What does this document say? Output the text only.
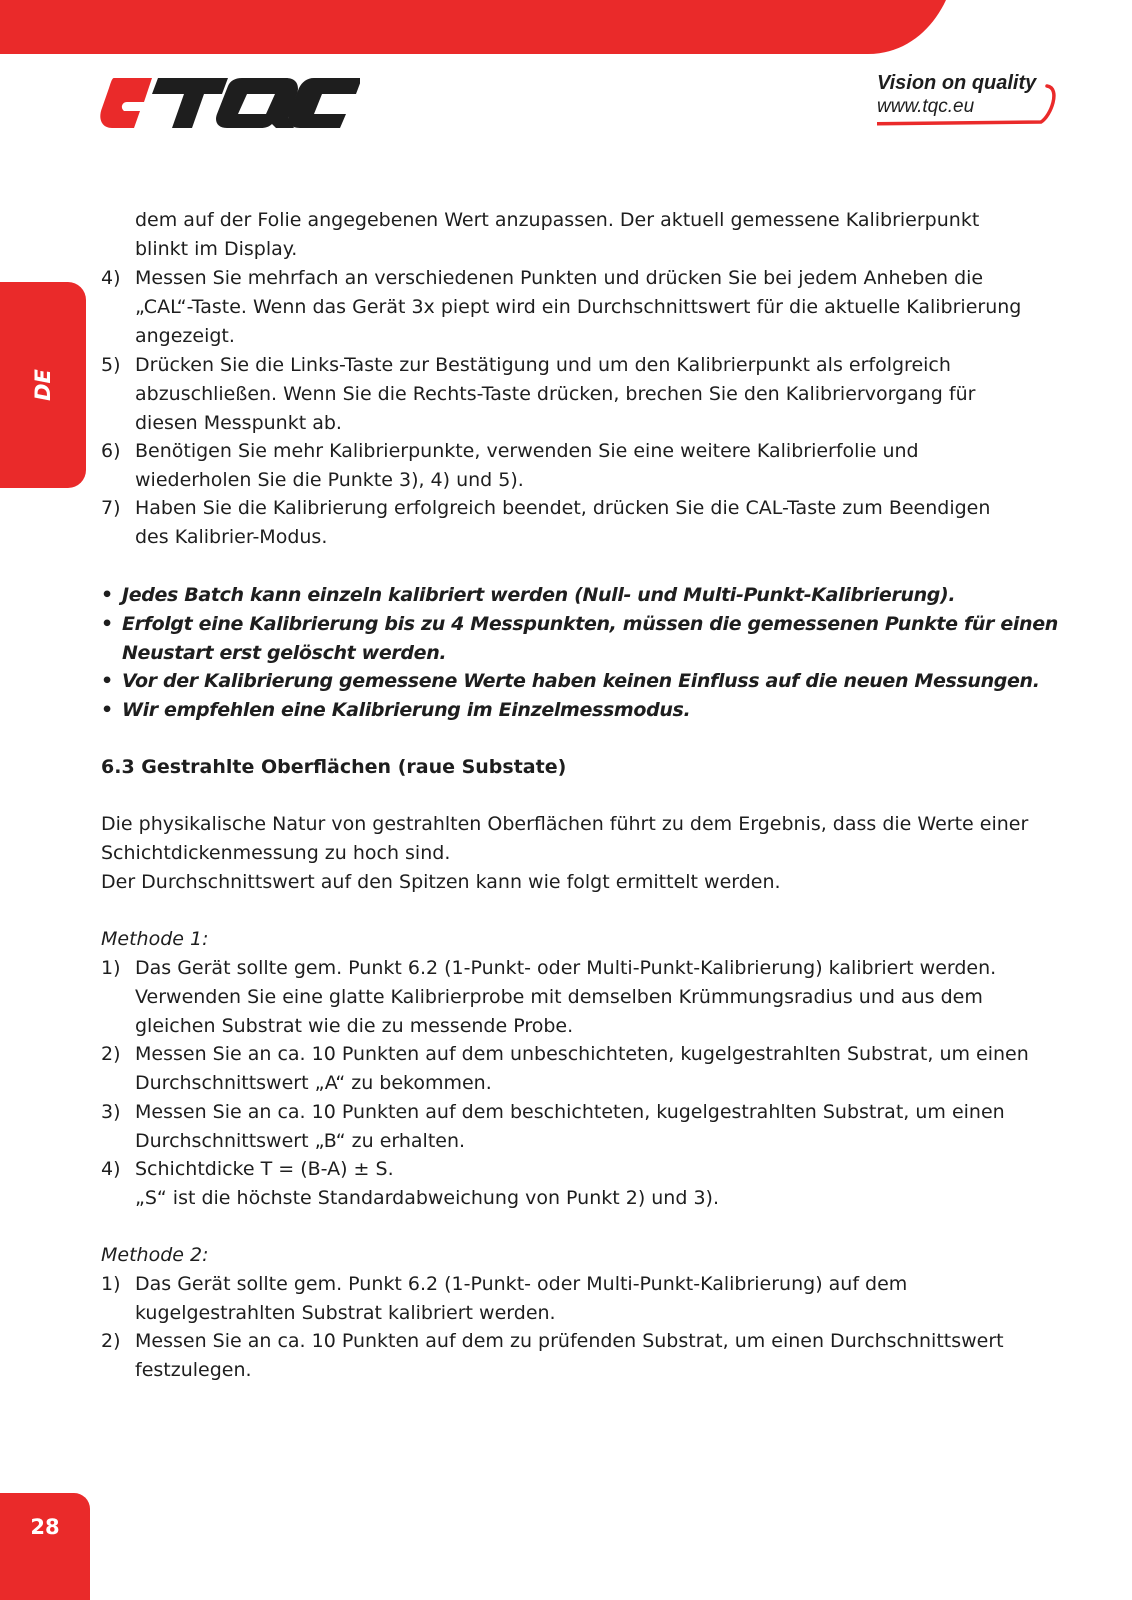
Vision on quality
www.tqc.eu
DE
28
dem auf der Folie angegebenen Wert anzupassen. Der aktuell gemessene Kalibrierpunkt
blinkt im Display.
4) Messen Sie mehrfach an verschiedenen Punkten und drücken Sie bei jedem Anheben die
„CAL“-Taste. Wenn das Gerät 3x piept wird ein Durchschnittswert für die aktuelle Kalibrierung
angezeigt.
5) Drücken Sie die Links-Taste zur Bestätigung und um den Kalibrierpunkt als erfolgreich
abzuschließen. Wenn Sie die Rechts-Taste drücken, brechen Sie den Kalibriervorgang für
diesen Messpunkt ab.
6) Benötigen Sie mehr Kalibrierpunkte, verwenden Sie eine weitere Kalibrierfolie und
wiederholen Sie die Punkte 3), 4) und 5).
7) Haben Sie die Kalibrierung erfolgreich beendet, drücken Sie die CAL-Taste zum Beendigen
des Kalibrier-Modus.
• Jedes Batch kann einzeln kalibriert werden (Null- und Multi-Punkt-Kalibrierung).
• Erfolgt eine Kalibrierung bis zu 4 Messpunkten, müssen die gemessenen Punkte für einen
Neustart erst gelöscht werden.
• Vor der Kalibrierung gemessene Werte haben keinen Einfluss auf die neuen Messungen.
• Wir empfehlen eine Kalibrierung im Einzelmessmodus.
6.3 Gestrahlte Oberflächen (raue Substate)
Die physikalische Natur von gestrahlten Oberflächen führt zu dem Ergebnis, dass die Werte einer
Schichtdickenmessung zu hoch sind.
Der Durchschnittswert auf den Spitzen kann wie folgt ermittelt werden.
Methode 1:
1) Das Gerät sollte gem. Punkt 6.2 (1-Punkt- oder Multi-Punkt-Kalibrierung) kalibriert werden.
Verwenden Sie eine glatte Kalibrierprobe mit demselben Krümmungsradius und aus dem
gleichen Substrat wie die zu messende Probe.
2) Messen Sie an ca. 10 Punkten auf dem unbeschichteten, kugelgestrahlten Substrat, um einen
Durchschnittswert „A“ zu bekommen.
3) Messen Sie an ca. 10 Punkten auf dem beschichteten, kugelgestrahlten Substrat, um einen
Durchschnittswert „B“ zu erhalten.
4) Schichtdicke T = (B-A) ± S.
„S“ ist die höchste Standardabweichung von Punkt 2) und 3).
Methode 2:
1) Das Gerät sollte gem. Punkt 6.2 (1-Punkt- oder Multi-Punkt-Kalibrierung) auf dem
kugelgestrahlten Substrat kalibriert werden.
2) Messen Sie an ca. 10 Punkten auf dem zu prüfenden Substrat, um einen Durchschnittswert
festzulegen.
